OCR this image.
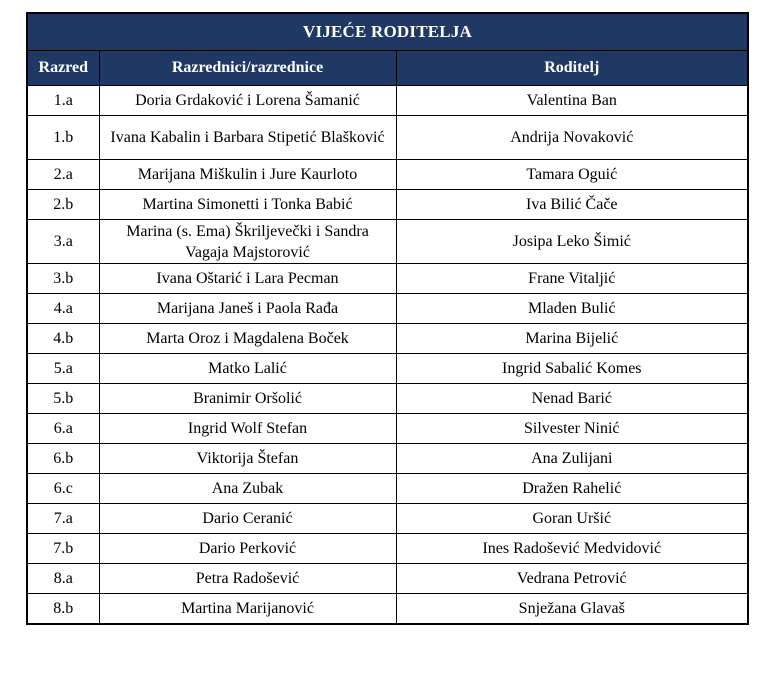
VIJEĆE RODITELJA		
Razred	Razrednici/razrednice	Roditelj
1.a	Doria Grdaković i Lorena Šamanić	Valentina Ban
1.b	Ivana Kabalin i Barbara Stipetić Blašković	Andrija Novaković
2.a	Marijana Miškulin i Jure Kaurloto	Tamara Oguić
2.b	Martina Simonetti i Tonka Babić	Iva Bilić Čače
3.a	Marina (s. Ema) Škriljevečki i Sandra Vagaja Majstorović	Josipa Leko Šimić
3.b	Ivana Oštarić i Lara Pecman	Frane Vitaljić
4.a	Marijana Janeš i Paola Rađa	Mladen Bulić
4.b	Marta Oroz i Magdalena Boček	Marina Bijelić
5.a	Matko Lalić	Ingrid Sabalić Komes
5.b	Branimir Oršolić	Nenad Barić
6.a	Ingrid Wolf Stefan	Silvester Ninić
6.b	Viktorija Štefan	Ana Zulijani
6.c	Ana Zubak	Dražen Rahelić
7.a	Dario Ceranić	Goran Uršić
7.b	Dario Perković	Ines Radošević Medvidović
8.a	Petra Radošević	Vedrana Petrović
8.b	Martina Marijanović	Snježana Glavaš
